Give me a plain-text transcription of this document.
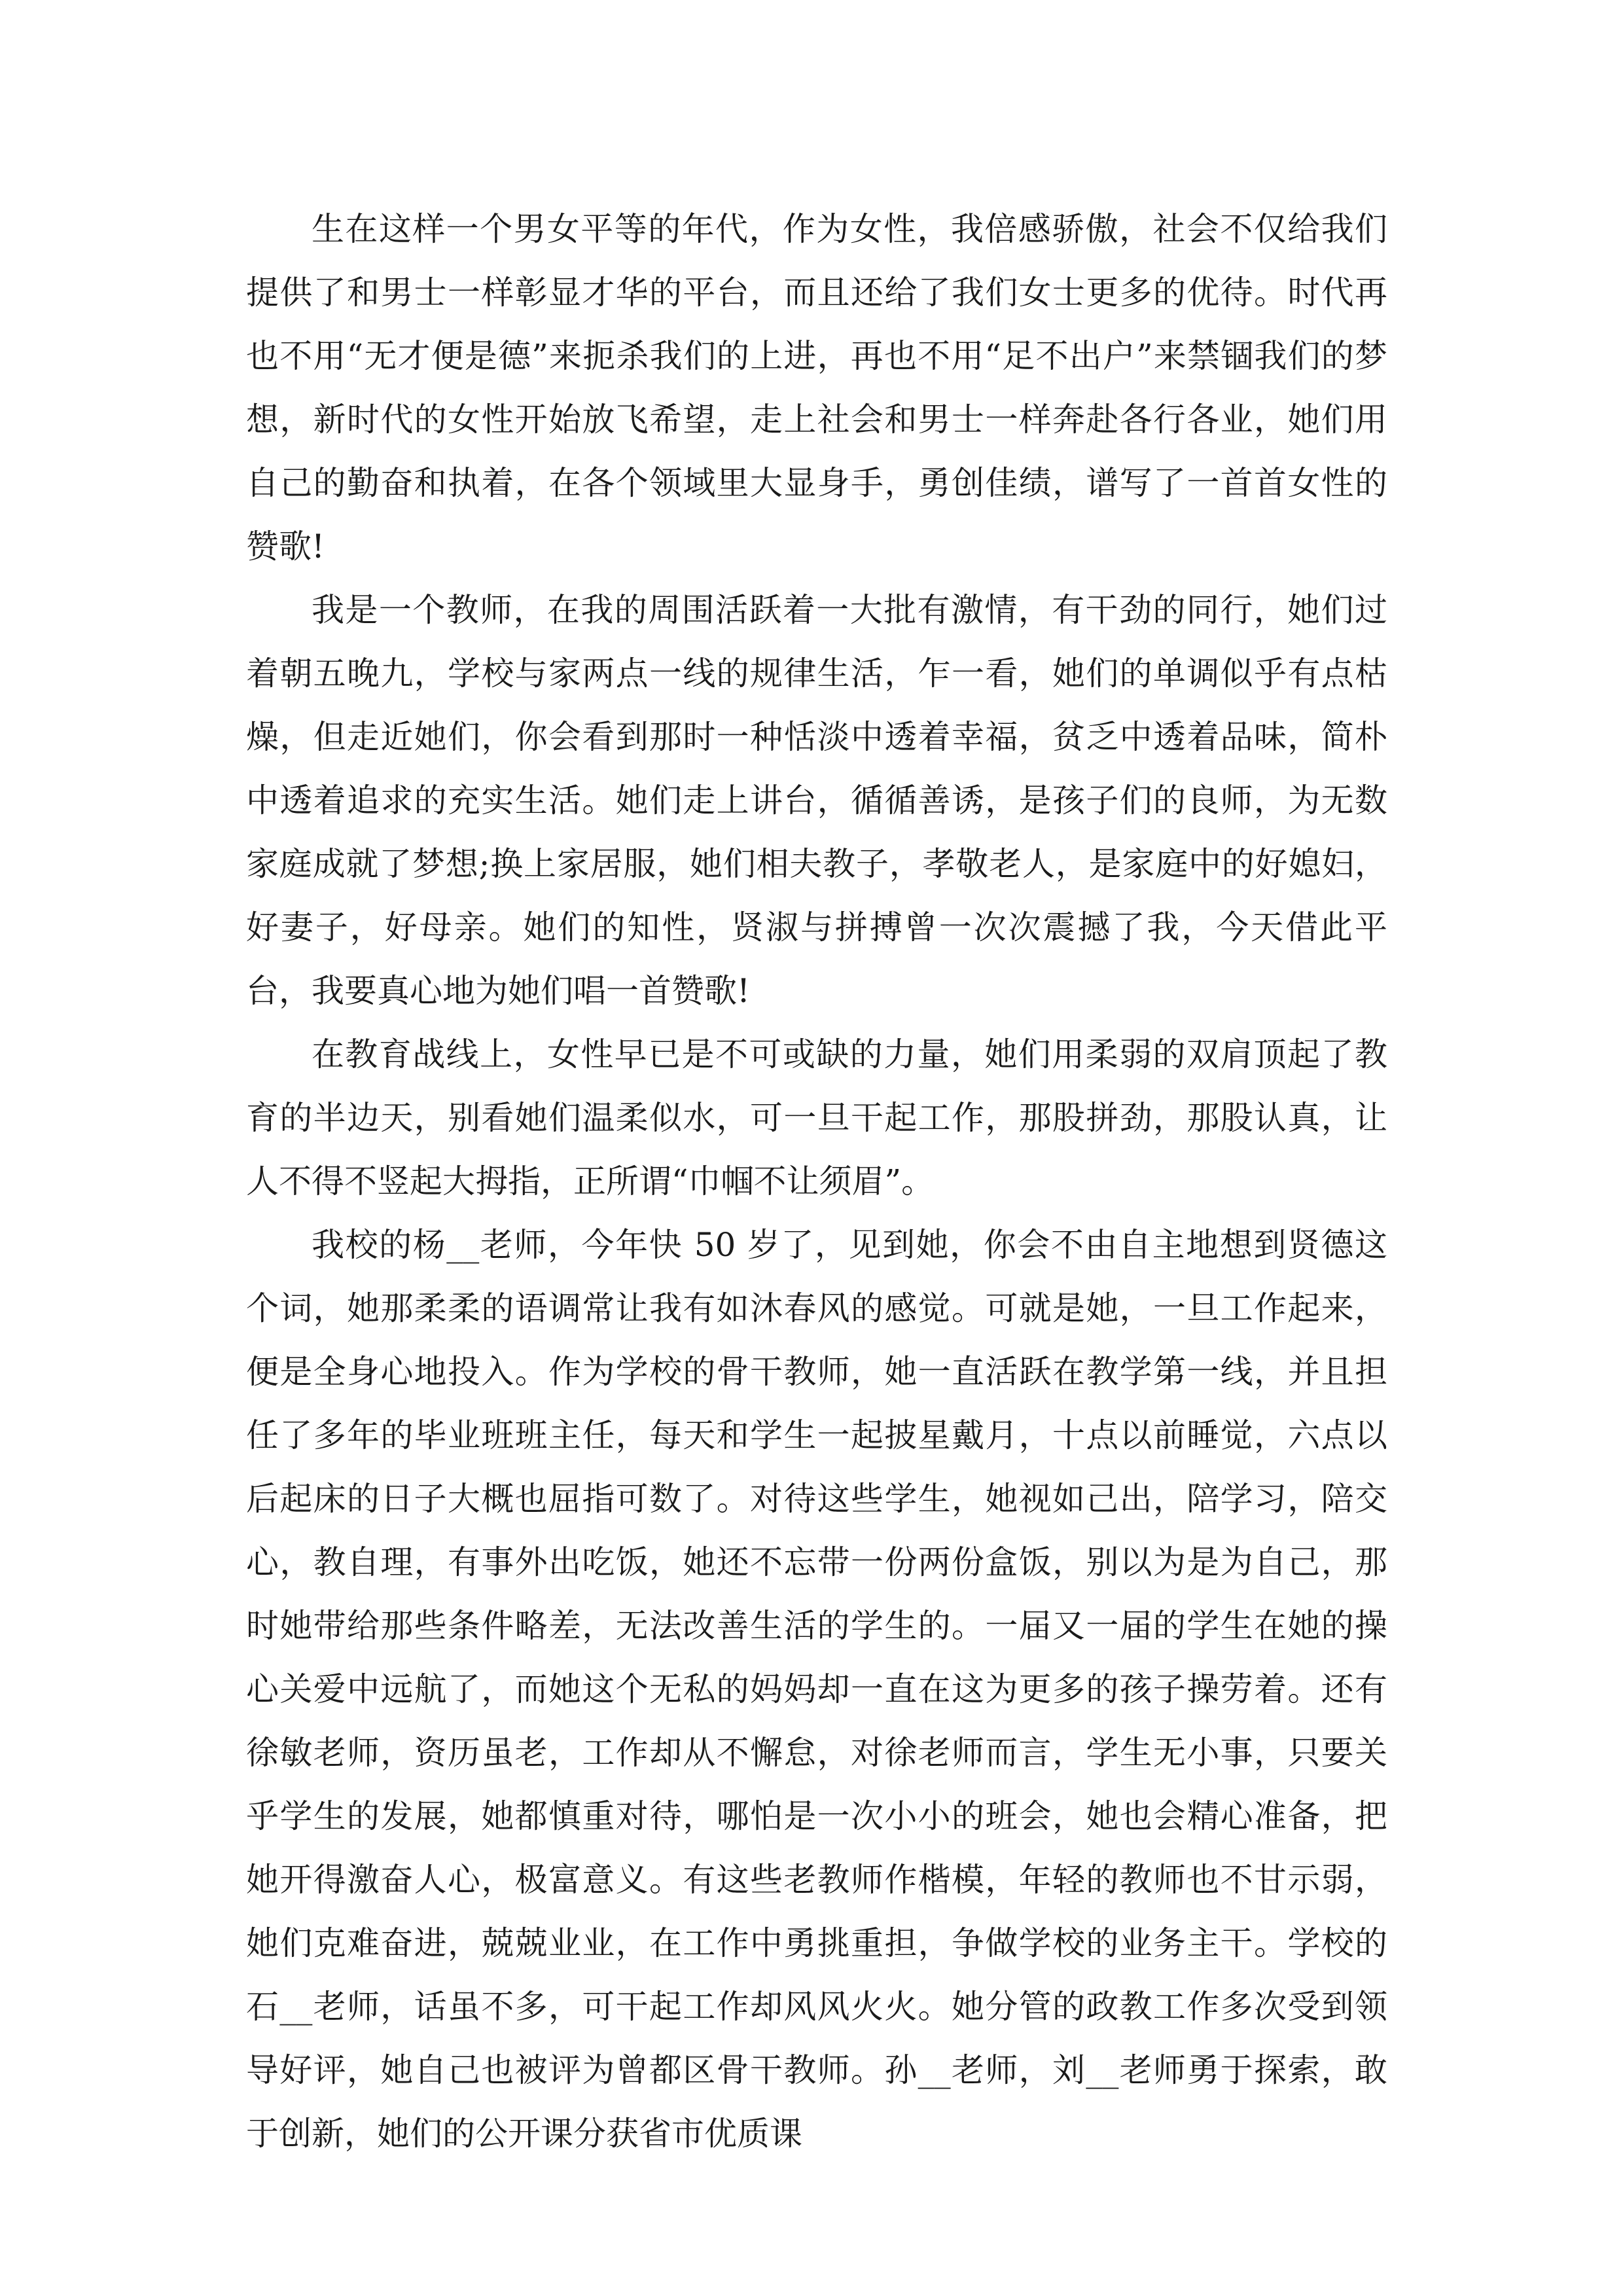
生在这样一个男女平等的年代，作为女性，我倍感骄傲，社会不仅给我们提供了和男士一样彰显才华的平台，而且还给了我们女士更多的优待。时代再也不用“无才便是德”来扼杀我们的上进，再也不用“足不出户”来禁锢我们的梦想，新时代的女性开始放飞希望，走上社会和男士一样奔赴各行各业，她们用自己的勤奋和执着，在各个领域里大显身手，勇创佳绩，谱写了一首首女性的赞歌!

我是一个教师，在我的周围活跃着一大批有激情，有干劲的同行，她们过着朝五晚九，学校与家两点一线的规律生活，乍一看，她们的单调似乎有点枯燥，但走近她们，你会看到那时一种恬淡中透着幸福，贫乏中透着品味，简朴中透着追求的充实生活。她们走上讲台，循循善诱，是孩子们的良师，为无数家庭成就了梦想;换上家居服，她们相夫教子，孝敬老人，是家庭中的好媳妇，好妻子，好母亲。她们的知性，贤淑与拼搏曾一次次震撼了我，今天借此平台，我要真心地为她们唱一首赞歌!

在教育战线上，女性早已是不可或缺的力量，她们用柔弱的双肩顶起了教育的半边天，别看她们温柔似水，可一旦干起工作，那股拼劲，那股认真，让人不得不竖起大拇指，正所谓“巾帼不让须眉”。

我校的杨__老师，今年快 50 岁了，见到她，你会不由自主地想到贤德这个词，她那柔柔的语调常让我有如沐春风的感觉。可就是她，一旦工作起来，便是全身心地投入。作为学校的骨干教师，她一直活跃在教学第一线，并且担任了多年的毕业班班主任，每天和学生一起披星戴月，十点以前睡觉，六点以后起床的日子大概也屈指可数了。对待这些学生，她视如己出，陪学习，陪交心，教自理，有事外出吃饭，她还不忘带一份两份盒饭，别以为是为自己，那时她带给那些条件略差，无法改善生活的学生的。一届又一届的学生在她的操心关爱中远航了，而她这个无私的妈妈却一直在这为更多的孩子操劳着。还有徐敏老师，资历虽老，工作却从不懈怠，对徐老师而言，学生无小事，只要关乎学生的发展，她都慎重对待，哪怕是一次小小的班会，她也会精心准备，把她开得激奋人心，极富意义。有这些老教师作楷模，年轻的教师也不甘示弱，她们克难奋进，兢兢业业，在工作中勇挑重担，争做学校的业务主干。学校的石__老师，话虽不多，可干起工作却风风火火。她分管的政教工作多次受到领导好评，她自己也被评为曾都区骨干教师。孙__老师，刘__老师勇于探索，敢于创新，她们的公开课分获省市优质课
